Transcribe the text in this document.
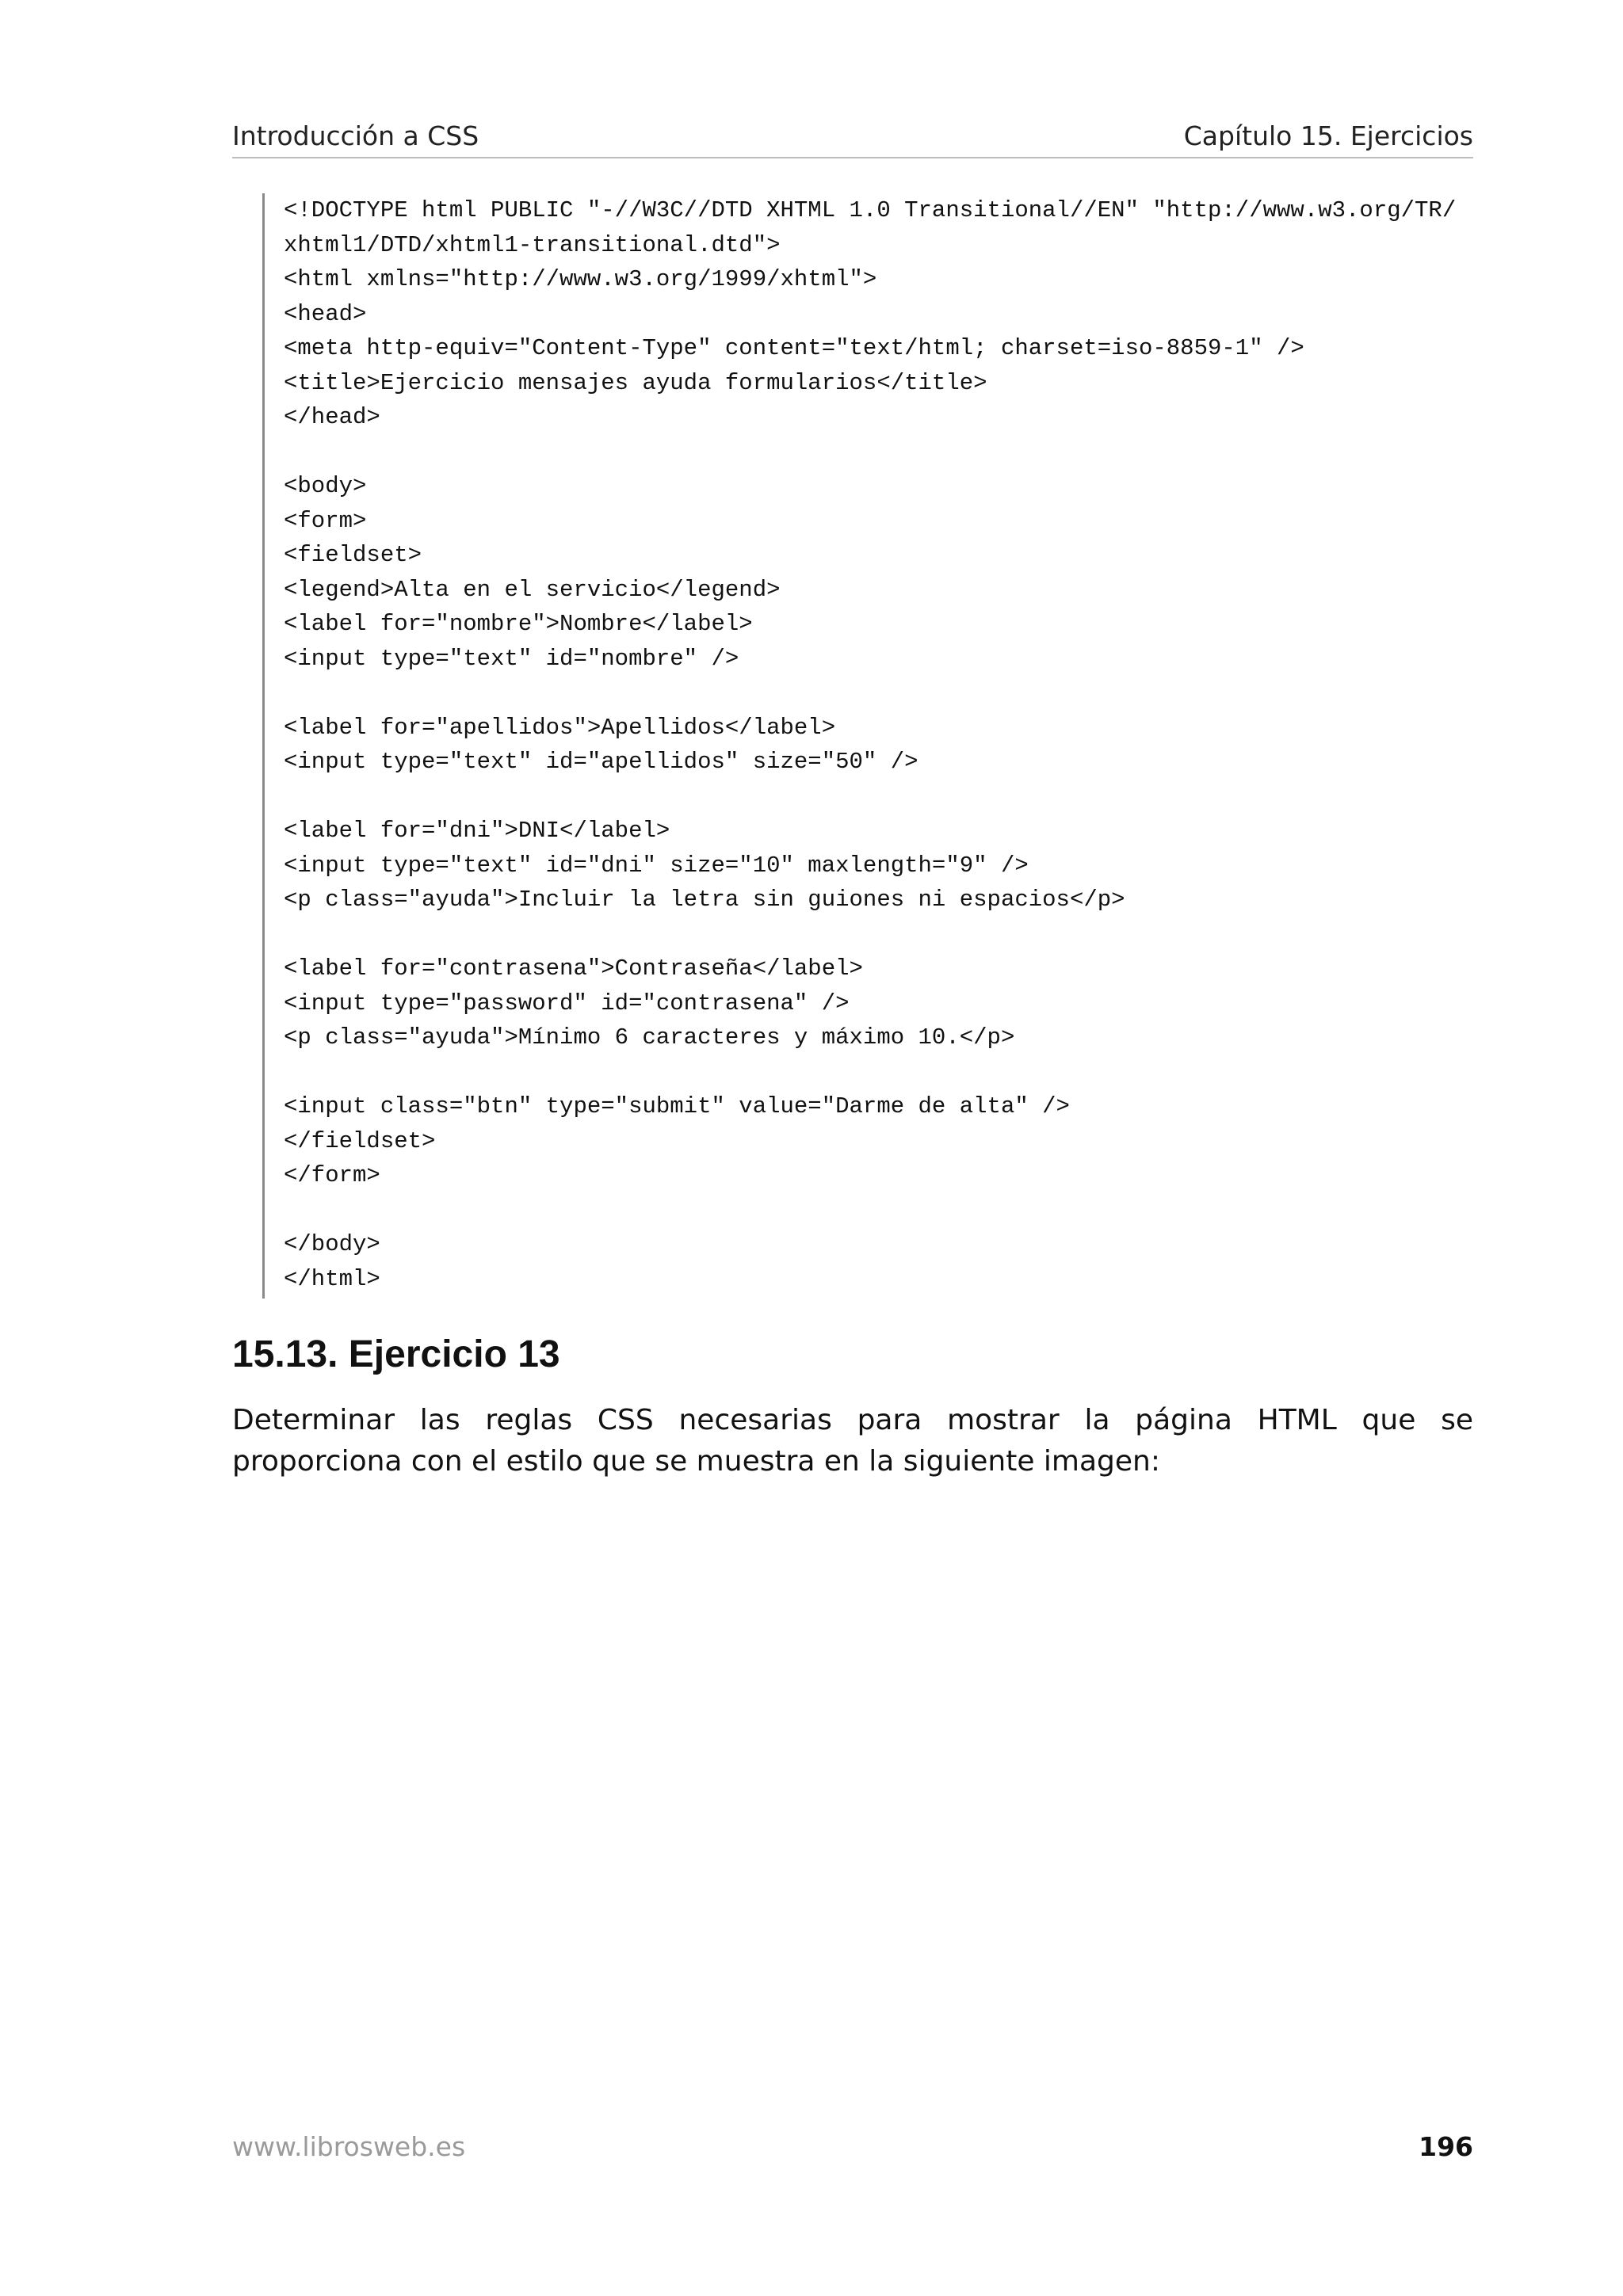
Introducción a CSS	Capítulo 15. Ejercicios
<!DOCTYPE html PUBLIC "-//W3C//DTD XHTML 1.0 Transitional//EN" "http://www.w3.org/TR/
xhtml1/DTD/xhtml1-transitional.dtd">
<html xmlns="http://www.w3.org/1999/xhtml">
<head>
<meta http-equiv="Content-Type" content="text/html; charset=iso-8859-1" />
<title>Ejercicio mensajes ayuda formularios</title>
</head>

<body>
<form>
<fieldset>
<legend>Alta en el servicio</legend>
<label for="nombre">Nombre</label>
<input type="text" id="nombre" />

<label for="apellidos">Apellidos</label>
<input type="text" id="apellidos" size="50" />

<label for="dni">DNI</label>
<input type="text" id="dni" size="10" maxlength="9" />
<p class="ayuda">Incluir la letra sin guiones ni espacios</p>

<label for="contrasena">Contraseña</label>
<input type="password" id="contrasena" />
<p class="ayuda">Mínimo 6 caracteres y máximo 10.</p>

<input class="btn" type="submit" value="Darme de alta" />
</fieldset>
</form>

</body>
</html>
15.13. Ejercicio 13

Determinar las reglas CSS necesarias para mostrar la página HTML que se proporciona con el estilo que se muestra en la siguiente imagen:

www.librosweb.es	196
